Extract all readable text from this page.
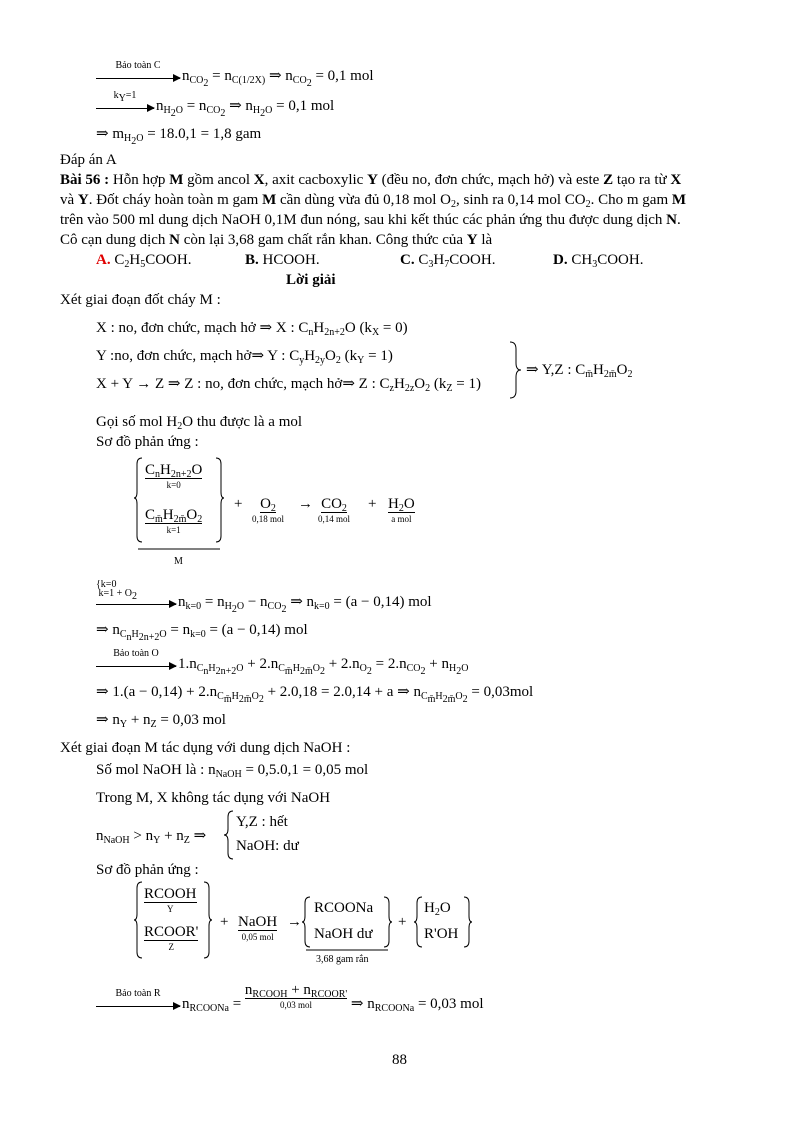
Bảo toàn C
$n_{CO_2} = n_{C(1/2X)}$ ⇒ $n_{CO_2} = 0,1$ mol
$k_Y=1$
$n_{H_2O} = n_{CO_2}$ ⇒ $n_{H_2O} = 0,1$ mol
⇒ $m_{H_2O} = 18.0,1 = 1,8$ gam
Đáp án A
Bài 56 : Hỗn hợp M gồm ancol X, axit cacboxylic Y (đều no, đơn chức, mạch hở) và este Z tạo ra từ X
và Y. Đốt cháy hoàn toàn m gam M cần dùng vừa đủ 0,18 mol $O_2$, sinh ra 0,14 mol $CO_2$. Cho m gam M
trên vào 500 ml dung dịch NaOH 0,1M đun nóng, sau khi kết thúc các phản ứng thu được dung dịch N.
Cô cạn dung dịch N còn lại 3,68 gam chất rắn khan. Công thức của Y là
A. $C_2H_5COOH$.	B. HCOOH.	C. $C_3H_7COOH$.	D. $CH_3COOH$.
Lời giải
Xét giai đoạn đốt cháy M :
X : no, đơn chức, mạch hở ⇒ X : $C_nH_{2n+2}O$ $(k_X = 0)$
Y :no, đơn chức, mạch hở⇒ Y : $C_yH_{2y}O_2$ $(k_Y = 1)$
X + Y → Z ⇒ Z : no, đơn chức, mạch hở⇒ Z : $C_zH_{2z}O_2$ $(k_Z = 1)$
⇒ Y,Z : $C_{m̄}H_{2m̄}O_2$
Gọi số mol $H_2O$ thu được là a mol
Sơ đồ phản ứng :
$C_nH_{2n+2}O$
k=0
$C_{m̄}H_{2m̄}O_2$
k=1
M
+	$O_2$
0,18 mol
→ $CO_2$
0,14 mol
+ $H_2O$
a mol
{k=0
$k=1 + O_2$	$n_{k=0} = n_{H_2O} - n_{CO_2}$ ⇒ $n_{k=0} = (a - 0,14)$ mol
⇒ $n_{C_nH_{2n+2}O} = n_{k=0} = (a - 0,14)$ mol
Bảo toàn O
$1.n_{C_nH_{2n+2}O} + 2.n_{C_{m̄}H_{2m̄}O_2} + 2.n_{O_2} = 2.n_{CO_2} + n_{H_2O}$
⇒ $1.(a - 0,14) + 2.n_{C_{m̄}H_{2m̄}O_2} + 2.0,18 = 2.0,14 + a$ ⇒ $n_{C_{m̄}H_{2m̄}O_2} = 0,03mol$
⇒ $n_Y + n_Z = 0,03$ mol
Xét giai đoạn M tác dụng với dung dịch NaOH :
Số mol NaOH là : $n_{NaOH} = 0,5.0,1 = 0,05$ mol
Trong M, X không tác dụng với NaOH
$n_{NaOH} > n_Y + n_Z$ ⇒
Y,Z : hết
NaOH: dư
Sơ đồ phản ứng :
RCOOH
Y
RCOOR'
Z
+ NaOH
0,05 mol
→
RCOONa
NaOH dư
3,68 gam rắn
+
$H_2O$
R'OH
Bảo toàn R
$n_{RCOONa} = n_{RCOOH} + n_{RCOOR'}$
0,03 mol	⇒ $n_{RCOONa} = 0,03$ mol
88
